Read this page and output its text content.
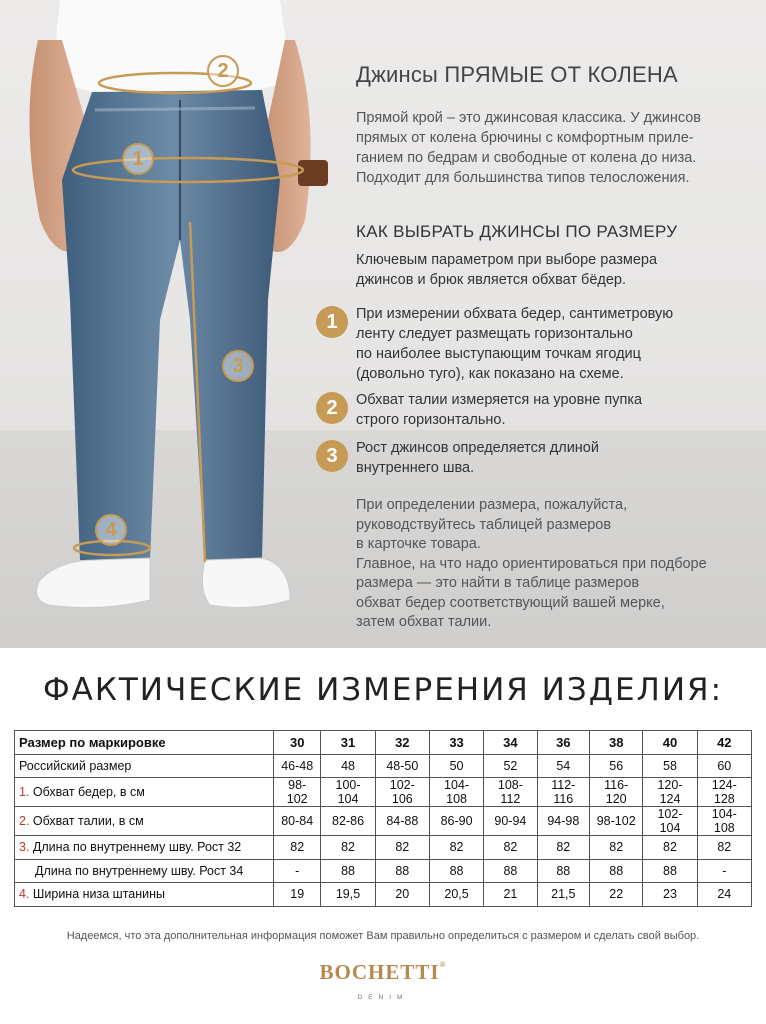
2
1
3
4
Джинсы ПРЯМЫЕ ОТ КОЛЕНА
Прямой крой – это джинсовая классика. У джинсов
прямых от колена брючины с комфортным приле-
ганием по бедрам и свободные от колена до низа.
Подходит для большинства типов телосложения.
КАК ВЫБРАТЬ ДЖИНСЫ ПО РАЗМЕРУ
Ключевым параметром при выборе размера
джинсов и брюк является обхват бёдер.
1	При измерении обхвата бедер, сантиметровую
ленту следует размещать горизонтально
по наиболее выступающим точкам ягодиц
(довольно туго), как показано на схеме.
2	Обхват талии измеряется на уровне пупка
строго горизонтально.
3	Рост джинсов определяется длиной
внутреннего шва.
При определении размера, пожалуйста,
руководствуйтесь таблицей размеров
в карточке товара.
Главное, на что надо ориентироваться при подборе
размера — это найти в таблице размеров
обхват бедер соответствующий вашей мерке,
затем обхват талии.
ФАКТИЧЕСКИЕ ИЗМЕРЕНИЯ ИЗДЕЛИЯ:
Размер по маркировке	30	31	32	33	34	36	38	40	42
Российский размер	46-48	48	48-50	50	52	54	56	58	60
1. Обхват бедер, в см	98-102	100-104	102-106	104-108	108-112	112-116	116-120	120-124	124-128
2. Обхват талии, в см	80-84	82-86	84-88	86-90	90-94	94-98	98-102	102-104	104-108
3. Длина по внутреннему шву. Рост 32	82	82	82	82	82	82	82	82	82
Длина по внутреннему шву. Рост 34	-	88	88	88	88	88	88	88	-
4. Ширина низа штанины	19	19,5	20	20,5	21	21,5	22	23	24
Надеемся, что эта дополнительная информация поможет Вам правильно определиться с размером и сделать свой выбор.
BOCHETTI®
DENIM
